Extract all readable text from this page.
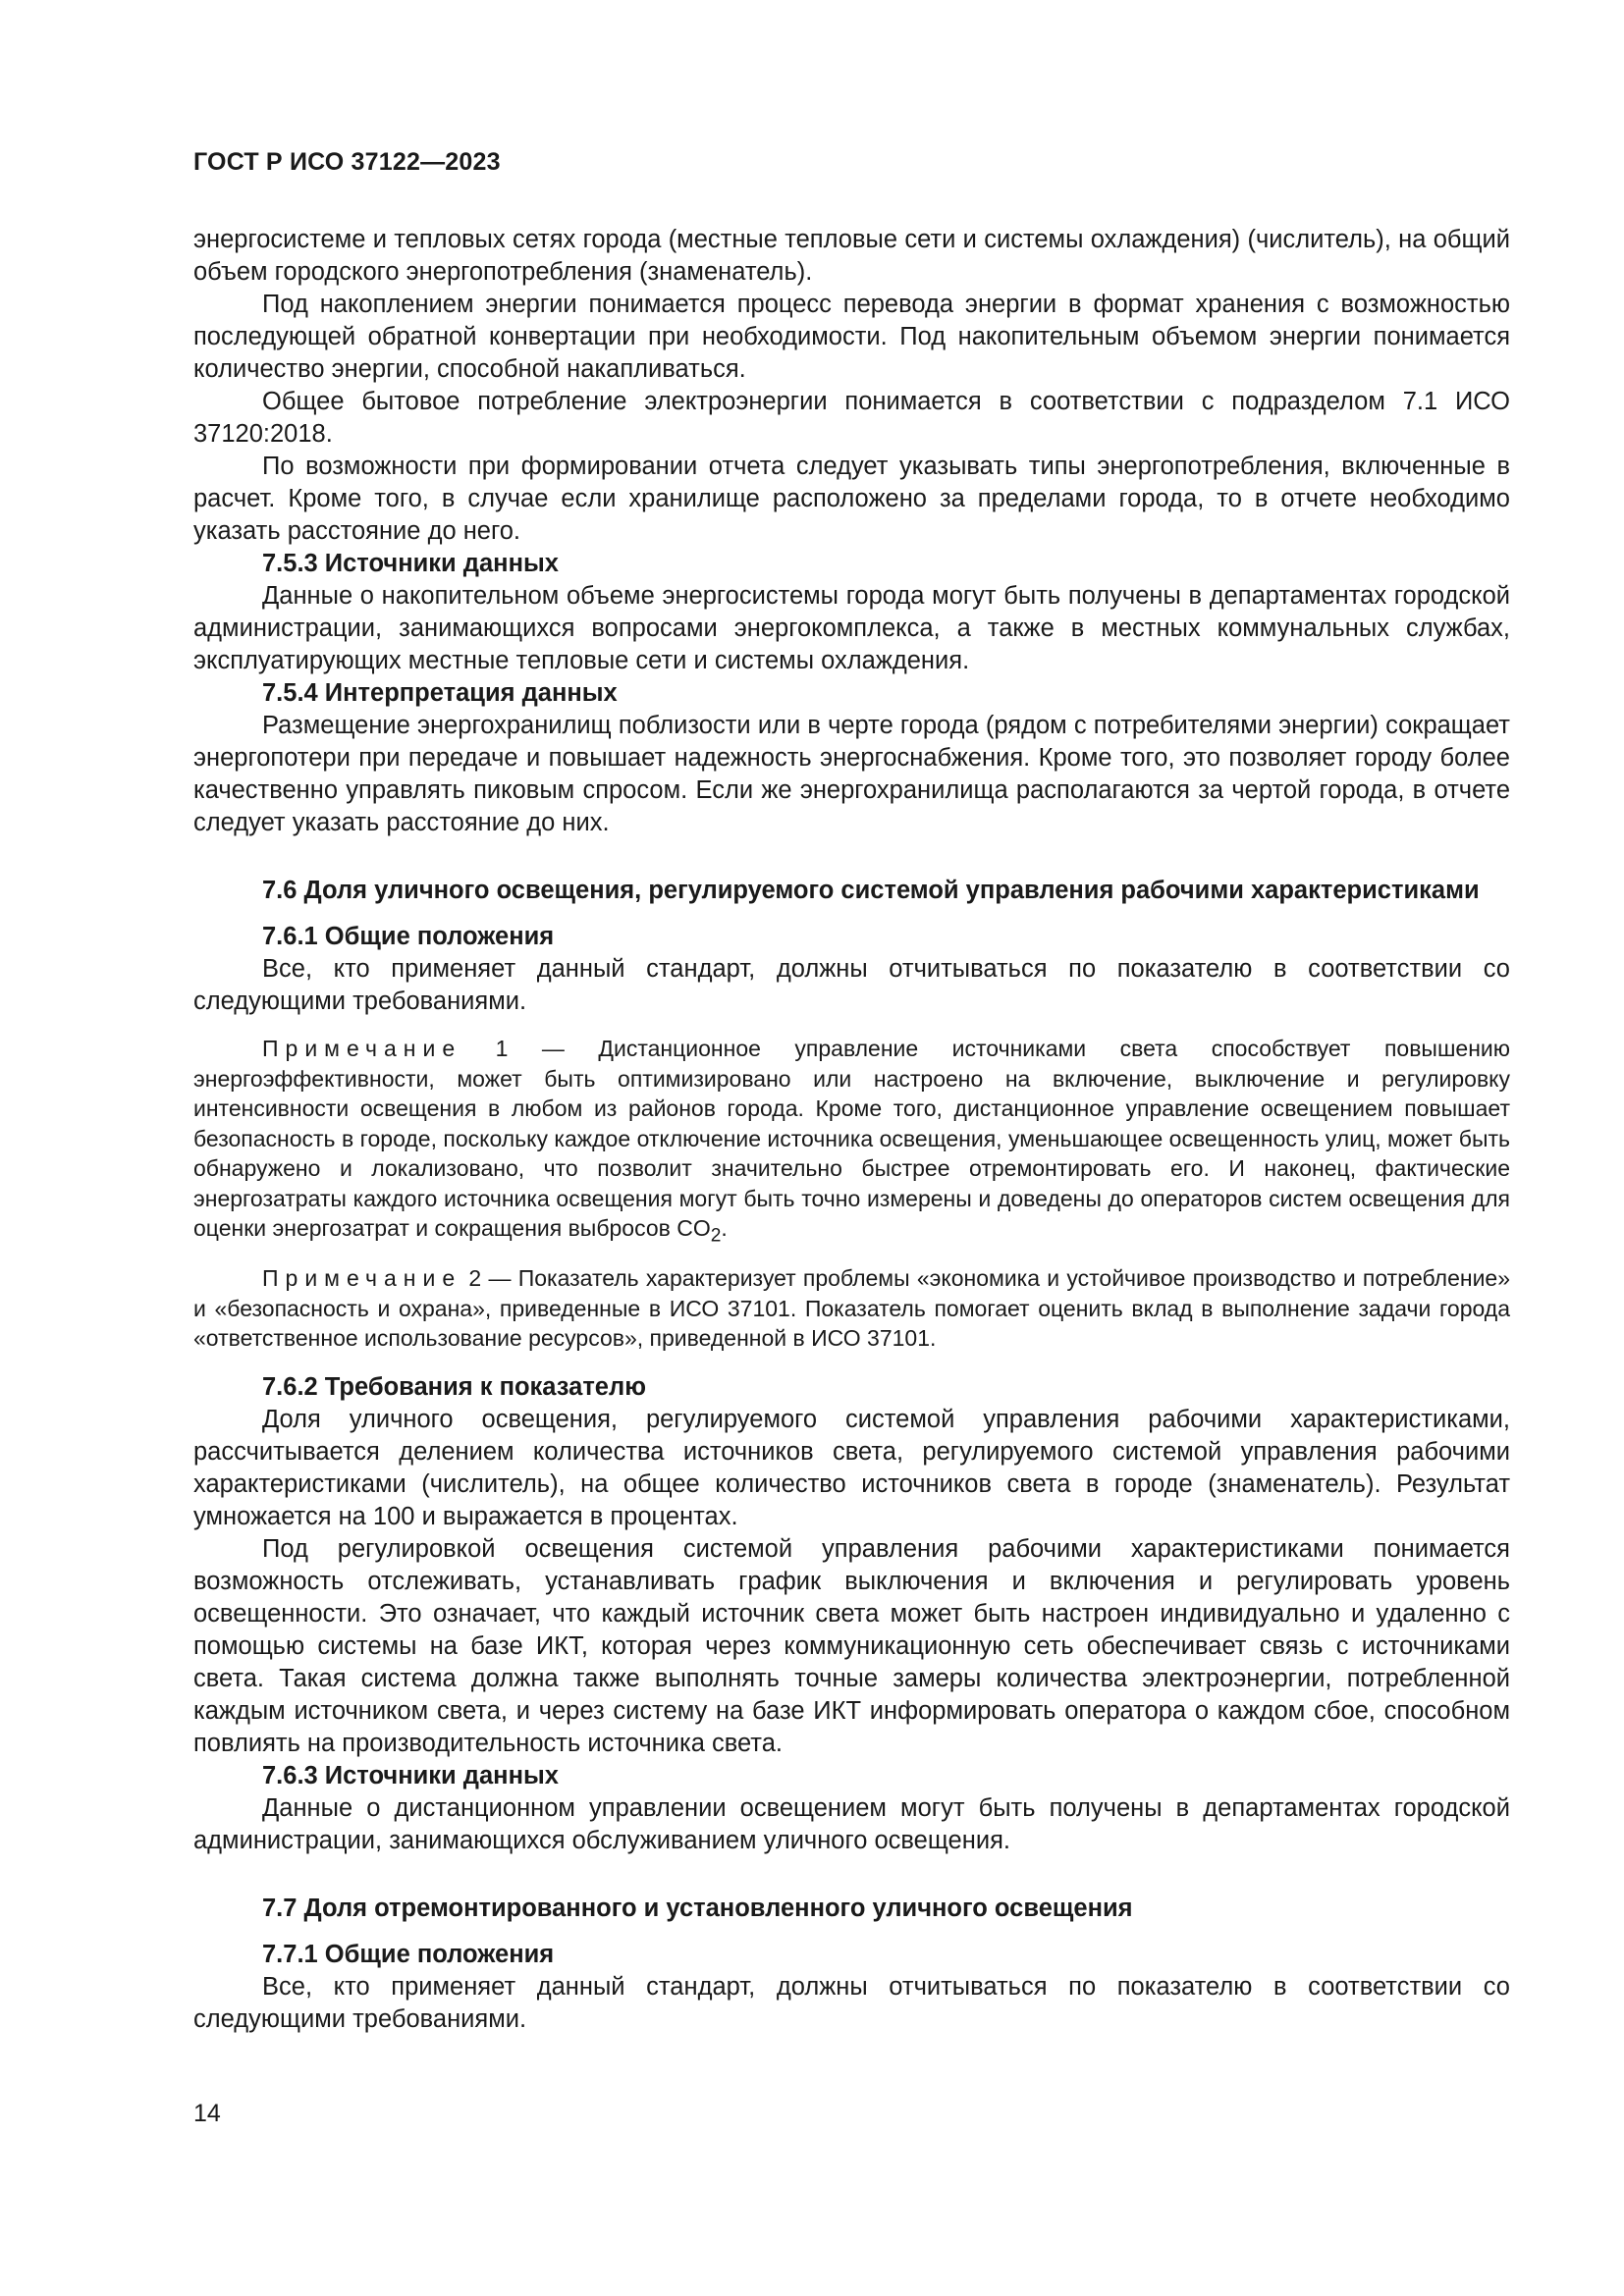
ГОСТ Р ИСО 37122—2023

энергосистеме и тепловых сетях города (местные тепловые сети и системы охлаждения) (числитель), на общий объем городского энергопотребления (знаменатель).

Под накоплением энергии понимается процесс перевода энергии в формат хранения с возможностью последующей обратной конвертации при необходимости. Под накопительным объемом энергии понимается количество энергии, способной накапливаться.

Общее бытовое потребление электроэнергии понимается в соответствии с подразделом 7.1 ИСО 37120:2018.

По возможности при формировании отчета следует указывать типы энергопотребления, включенные в расчет. Кроме того, в случае если хранилище расположено за пределами города, то в отчете необходимо указать расстояние до него.

7.5.3 Источники данных

Данные о накопительном объеме энергосистемы города могут быть получены в департаментах городской администрации, занимающихся вопросами энергокомплекса, а также в местных коммунальных службах, эксплуатирующих местные тепловые сети и системы охлаждения.

7.5.4 Интерпретация данных

Размещение энергохранилищ поблизости или в черте города (рядом с потребителями энергии) сокращает энергопотери при передаче и повышает надежность энергоснабжения. Кроме того, это позволяет городу более качественно управлять пиковым спросом. Если же энергохранилища располагаются за чертой города, в отчете следует указать расстояние до них.

7.6 Доля уличного освещения, регулируемого системой управления рабочими характеристиками
7.6.1 Общие положения

Все, кто применяет данный стандарт, должны отчитываться по показателю в соответствии со следующими требованиями.

Примечание 1 — Дистанционное управление источниками света способствует повышению энергоэффективности, может быть оптимизировано или настроено на включение, выключение и регулировку интенсивности освещения в любом из районов города. Кроме того, дистанционное управление освещением повышает безопасность в городе, поскольку каждое отключение источника освещения, уменьшающее освещенность улиц, может быть обнаружено и локализовано, что позволит значительно быстрее отремонтировать его. И наконец, фактические энергозатраты каждого источника освещения могут быть точно измерены и доведены до операторов систем освещения для оценки энергозатрат и сокращения выбросов $CO_2$.

Примечание 2 — Показатель характеризует проблемы «экономика и устойчивое производство и потребление» и «безопасность и охрана», приведенные в ИСО 37101. Показатель помогает оценить вклад в выполнение задачи города «ответственное использование ресурсов», приведенной в ИСО 37101.

7.6.2 Требования к показателю

Доля уличного освещения, регулируемого системой управления рабочими характеристиками, рассчитывается делением количества источников света, регулируемого системой управления рабочими характеристиками (числитель), на общее количество источников света в городе (знаменатель). Результат умножается на 100 и выражается в процентах.

Под регулировкой освещения системой управления рабочими характеристиками понимается возможность отслеживать, устанавливать график выключения и включения и регулировать уровень освещенности. Это означает, что каждый источник света может быть настроен индивидуально и удаленно с помощью системы на базе ИКТ, которая через коммуникационную сеть обеспечивает связь с источниками света. Такая система должна также выполнять точные замеры количества электроэнергии, потребленной каждым источником света, и через систему на базе ИКТ информировать оператора о каждом сбое, способном повлиять на производительность источника света.

7.6.3 Источники данных

Данные о дистанционном управлении освещением могут быть получены в департаментах городской администрации, занимающихся обслуживанием уличного освещения.

7.7 Доля отремонтированного и установленного уличного освещения
7.7.1 Общие положения

Все, кто применяет данный стандарт, должны отчитываться по показателю в соответствии со следующими требованиями.

14
